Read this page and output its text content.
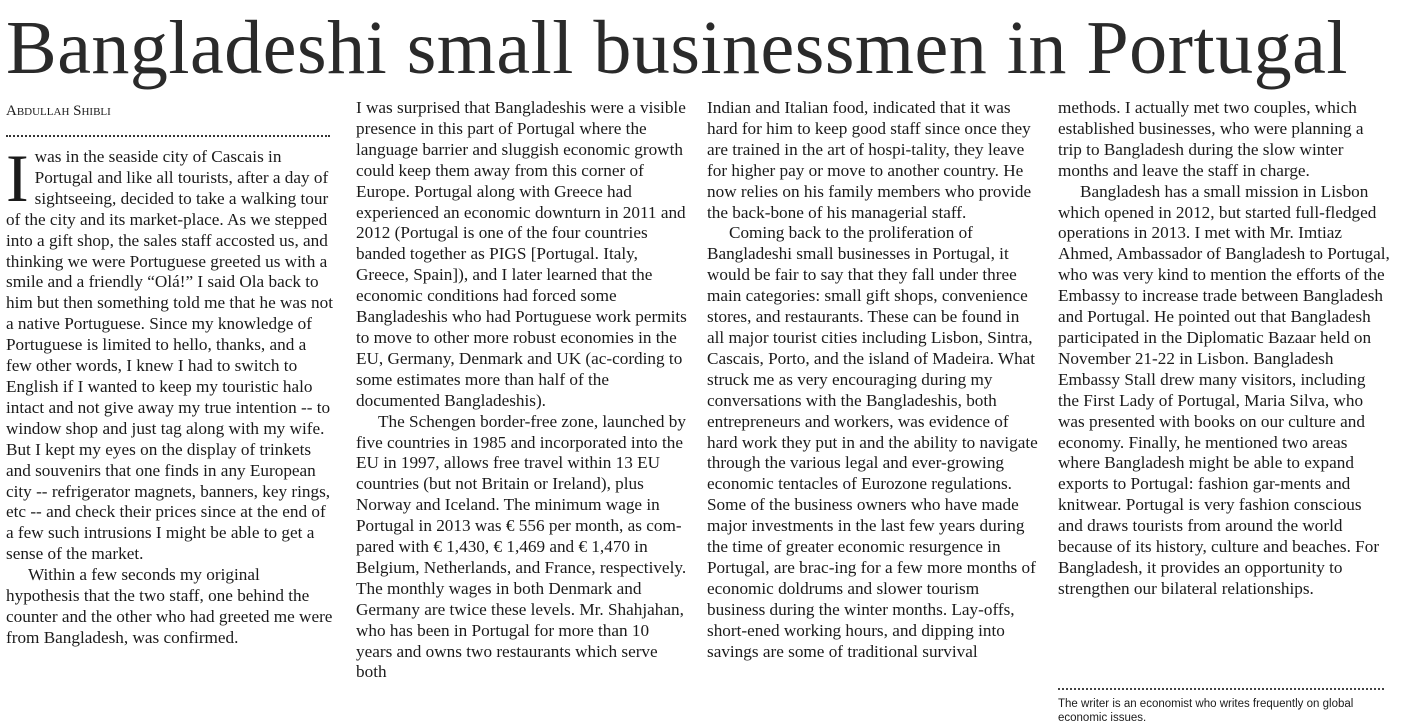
Bangladeshi small businessmen in Portugal
Abdullah Shibli

Iwas in the seaside city of Cascais in Portugal and like all tourists, after a day of sightseeing, decided to take a walking tour of the city and its market-place. As we stepped into a gift shop, the sales staff accosted us, and thinking we were Portuguese greeted us with a smile and a friendly “Olá!” I said Ola back to him but then something told me that he was not a native Portuguese. Since my knowledge of Portuguese is limited to hello, thanks, and a few other words, I knew I had to switch to English if I wanted to keep my touristic halo intact and not give away my true intention -- to window shop and just tag along with my wife. But I kept my eyes on the display of trinkets and souvenirs that one finds in any European city -- refrigerator magnets, banners, key rings, etc -- and check their prices since at the end of a few such intrusions I might be able to get a sense of the market.

Within a few seconds my original hypothesis that the two staff, one behind the counter and the other who had greeted me were from Bangladesh, was confirmed.

I was surprised that Bangladeshis were a visible presence in this part of Portugal where the language barrier and sluggish economic growth could keep them away from this corner of Europe. Portugal along with Greece had experienced an economic downturn in 2011 and 2012 (Portugal is one of the four countries banded together as PIGS [Portugal. Italy, Greece, Spain]), and I later learned that the economic conditions had forced some Bangladeshis who had Portuguese work permits to move to other more robust economies in the EU, Germany, Denmark and UK (ac-cording to some estimates more than half of the documented Bangladeshis).

The Schengen border-free zone, launched by five countries in 1985 and incorporated into the EU in 1997, allows free travel within 13 EU countries (but not Britain or Ireland), plus Norway and Iceland. The minimum wage in Portugal in 2013 was € 556 per month, as com-pared with € 1,430, € 1,469 and € 1,470 in Belgium, Netherlands, and France, respectively. The monthly wages in both Denmark and Germany are twice these levels. Mr. Shahjahan, who has been in Portugal for more than 10 years and owns two restaurants which serve both

Indian and Italian food, indicated that it was hard for him to keep good staff since once they are trained in the art of hospi-tality, they leave for higher pay or move to another country. He now relies on his family members who provide the back-bone of his managerial staff.

Coming back to the proliferation of Bangladeshi small businesses in Portugal, it would be fair to say that they fall under three main categories: small gift shops, convenience stores, and restaurants. These can be found in all major tourist cities including Lisbon, Sintra, Cascais, Porto, and the island of Madeira. What struck me as very encouraging during my conversations with the Bangladeshis, both entrepreneurs and workers, was evidence of hard work they put in and the ability to navigate through the various legal and ever-growing economic tentacles of Eurozone regulations. Some of the business owners who have made major investments in the last few years during the time of greater economic resurgence in Portugal, are brac-ing for a few more months of economic doldrums and slower tourism business during the winter months. Lay-offs, short-ened working hours, and dipping into savings are some of traditional survival

methods. I actually met two couples, which established businesses, who were planning a trip to Bangladesh during the slow winter months and leave the staff in charge.

Bangladesh has a small mission in Lisbon which opened in 2012, but started full-fledged operations in 2013. I met with Mr. Imtiaz Ahmed, Ambassador of Bangladesh to Portugal, who was very kind to mention the efforts of the Embassy to increase trade between Bangladesh and Portugal. He pointed out that Bangladesh participated in the Diplomatic Bazaar held on November 21-22 in Lisbon. Bangladesh Embassy Stall drew many visitors, including the First Lady of Portugal, Maria Silva, who was presented with books on our culture and economy. Finally, he mentioned two areas where Bangladesh might be able to expand exports to Portugal: fashion gar-ments and knitwear. Portugal is very fashion conscious and draws tourists from around the world because of its history, culture and beaches. For Bangladesh, it provides an opportunity to strengthen our bilateral relationships.

The writer is an economist who writes frequently on global economic issues.
